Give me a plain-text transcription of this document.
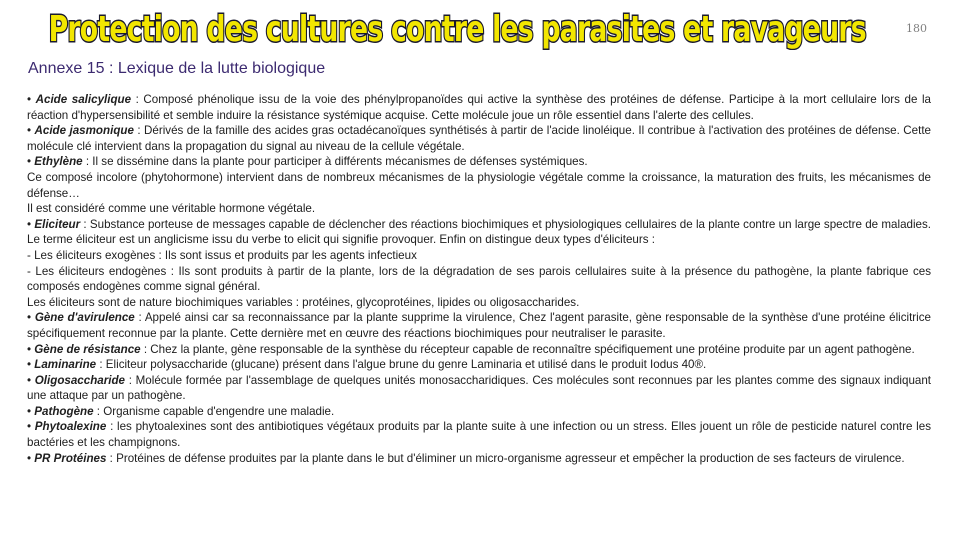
Protection des cultures contre les parasites et ravageurs	180
Annexe 15 : Lexique de la lutte biologique

• Acide salicylique : Composé phénolique issu de la voie des phénylpropanoïdes qui active la synthèse des protéines de défense. Participe à la mort cellulaire lors de la réaction d'hypersensibilité et semble induire la résistance systémique acquise. Cette molécule joue un rôle essentiel dans l'alerte des cellules.

• Acide jasmonique : Dérivés de la famille des acides gras octadécanoïques synthétisés à partir de l'acide linoléique. Il contribue à l'activation des protéines de défense. Cette molécule clé intervient dans la propagation du signal au niveau de la cellule végétale.

• Ethylène : Il se dissémine dans la plante pour participer à différents mécanismes de défenses systémiques.

Ce composé incolore (phytohormone) intervient dans de nombreux mécanismes de la physiologie végétale comme la croissance, la maturation des fruits, les mécanismes de défense…

Il est considéré comme une véritable hormone végétale.

• Eliciteur : Substance porteuse de messages capable de déclencher des réactions biochimiques et physiologiques cellulaires de la plante contre un large spectre de maladies. Le terme éliciteur est un anglicisme issu du verbe to elicit qui signifie provoquer. Enfin on distingue deux types d'éliciteurs :

- Les éliciteurs exogènes : Ils sont issus et produits par les agents infectieux

- Les éliciteurs endogènes : Ils sont produits à partir de la plante, lors de la dégradation de ses parois cellulaires suite à la présence du pathogène, la plante fabrique ces composés endogènes comme signal général.

Les éliciteurs sont de nature biochimiques variables : protéines, glycoprotéines, lipides ou oligosaccharides.

• Gène d'avirulence : Appelé ainsi car sa reconnaissance par la plante supprime la virulence, Chez l'agent parasite, gène responsable de la synthèse d'une protéine élicitrice spécifiquement reconnue par la plante. Cette dernière met en œuvre des réactions biochimiques pour neutraliser le parasite.

• Gène de résistance : Chez la plante, gène responsable de la synthèse du récepteur capable de reconnaître spécifiquement une protéine produite par un agent pathogène.

• Laminarine : Eliciteur polysaccharide (glucane) présent dans l'algue brune du genre Laminaria et utilisé dans le produit Iodus 40®.

• Oligosaccharide : Molécule formée par l'assemblage de quelques unités monosaccharidiques. Ces molécules sont reconnues par les plantes comme des signaux indiquant une attaque par un pathogène.

• Pathogène : Organisme capable d'engendre une maladie.

• Phytoalexine : les phytoalexines sont des antibiotiques végétaux produits par la plante suite à une infection ou un stress. Elles jouent un rôle de pesticide naturel contre les bactéries et les champignons.

• PR Protéines : Protéines de défense produites par la plante dans le but d'éliminer un micro-organisme agresseur et empêcher la production de ses facteurs de virulence.
